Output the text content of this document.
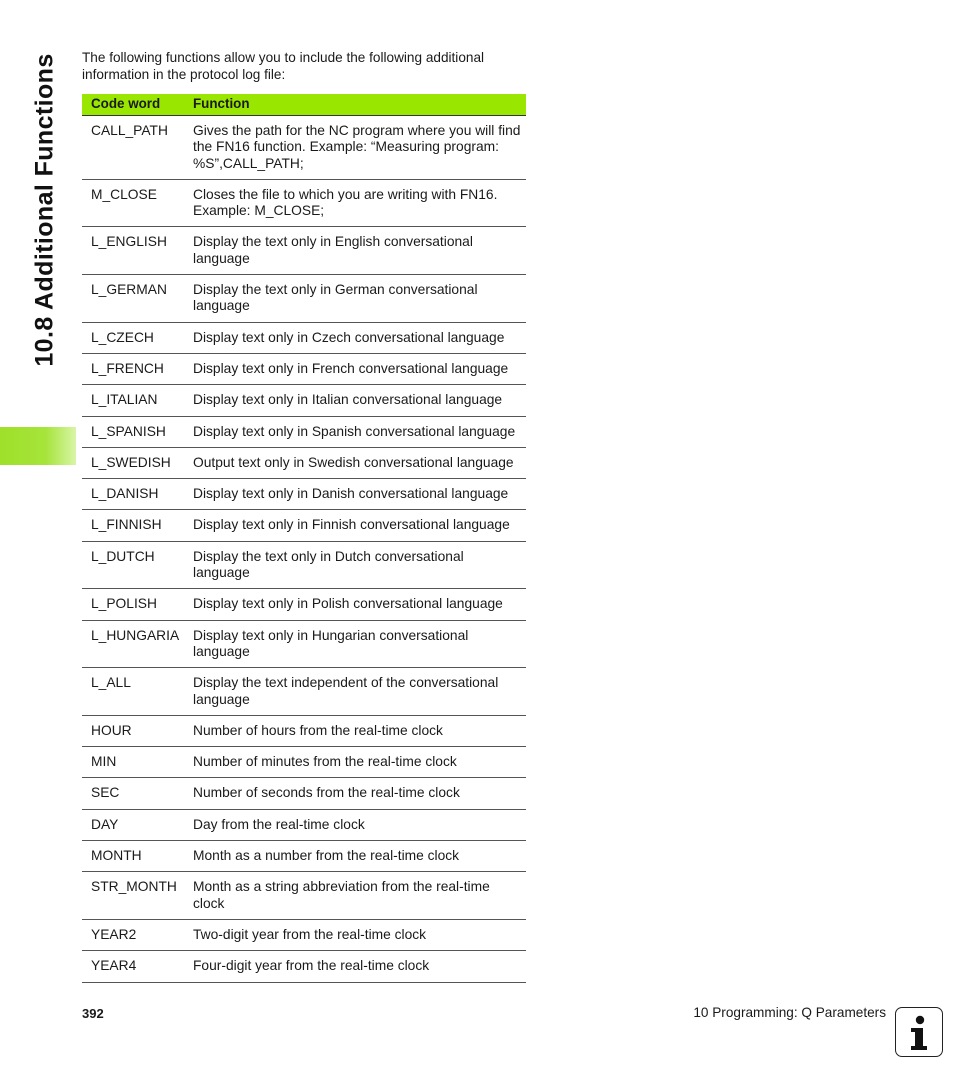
10.8 Additional Functions The following functions allow you to include the following additional information in the protocol log file:

Code word	Function
CALL_PATH	Gives the path for the NC program where you will find the FN16 function. Example: “Measuring program: %S”,CALL_PATH;
M_CLOSE	Closes the file to which you are writing with FN16. Example: M_CLOSE;
L_ENGLISH	Display the text only in English conversational language
L_GERMAN	Display the text only in German conversational language
L_CZECH	Display text only in Czech conversational language
L_FRENCH	Display text only in French conversational language
L_ITALIAN	Display text only in Italian conversational language
L_SPANISH	Display text only in Spanish conversational language
L_SWEDISH	Output text only in Swedish conversational language
L_DANISH	Display text only in Danish conversational language
L_FINNISH	Display text only in Finnish conversational language
L_DUTCH	Display the text only in Dutch conversational language
L_POLISH	Display text only in Polish conversational language
L_HUNGARIA	Display text only in Hungarian conversational language
L_ALL	Display the text independent of the conversational language
HOUR	Number of hours from the real-time clock
MIN	Number of minutes from the real-time clock
SEC	Number of seconds from the real-time clock
DAY	Day from the real-time clock
MONTH	Month as a number from the real-time clock
STR_MONTH	Month as a string abbreviation from the real-time clock
YEAR2	Two-digit year from the real-time clock
YEAR4	Four-digit year from the real-time clock
392	10 Programming: Q Parameters
